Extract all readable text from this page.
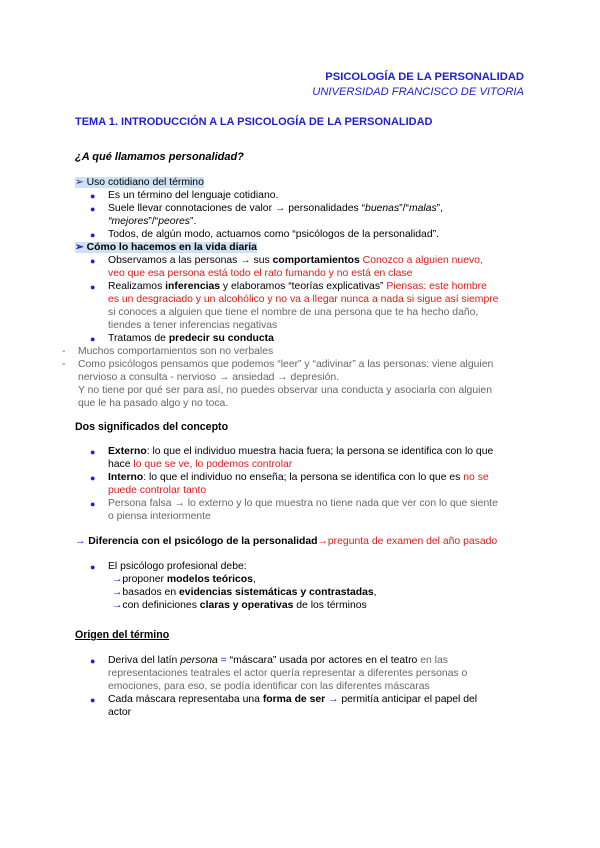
PSICOLOGÍA DE LA PERSONALIDAD
UNIVERSIDAD FRANCISCO DE VITORIA
TEMA 1. INTRODUCCIÓN A LA PSICOLOGÍA DE LA PERSONALIDAD
¿A qué llamamos personalidad?
➢ Uso cotidiano del término
● Es un término del lenguaje cotidiano.
● Suele llevar connotaciones de valor → personalidades “buenas”/“malas”,
“mejores”/“peores”.
● Todos, de algún modo, actuamos como “psicólogos de la personalidad”.
➢ Cómo lo hacemos en la vida diaria
● Observamos a las personas → sus comportamientos Conozco a alguien nuevo,
veo que esa persona está todo el rato fumando y no está en clase
● Realizamos inferencias y elaboramos “teorías explicativas” Piensas: este hombre
es un desgraciado y un alcohólico y no va a llegar nunca a nada si sigue así siempre
si conoces a alguien que tiene el nombre de una persona que te ha hecho daño,
tiendes a tener inferencias negativas
● Tratamos de predecir su conducta
- Muchos comportamientos son no verbales
- Como psicólogos pensamos que podemos “leer” y “adivinar” a las personas: viene alguien
nervioso a consulta - nervioso → ansiedad → depresión.
Y no tiene por qué ser para así, no puedes observar una conducta y asociarla con alguien
que le ha pasado algo y no toca.
Dos significados del concepto
● Externo: lo que el individuo muestra hacia fuera; la persona se identifica con lo que
hace lo que se ve, lo podemos controlar
● Interno: lo que el individuo no enseña; la persona se identifica con lo que es no se
puede controlar tanto
● Persona falsa → lo externo y lo que muestra no tiene nada que ver con lo que siente
o piensa interiormente
→ Diferencia con el psicólogo de la personalidad→pregunta de examen del año pasado
● El psicólogo profesional debe:
→proponer modelos teóricos,
→basados en evidencias sistemáticas y contrastadas,
→con definiciones claras y operativas de los términos
Origen del término
● Deriva del latín persona = “máscara” usada por actores en el teatro en las
representaciones teatrales el actor quería representar a diferentes personas o
emociones, para eso, se podía identificar con las diferentes máscaras
● Cada máscara representaba una forma de ser → permitía anticipar el papel del
actor
